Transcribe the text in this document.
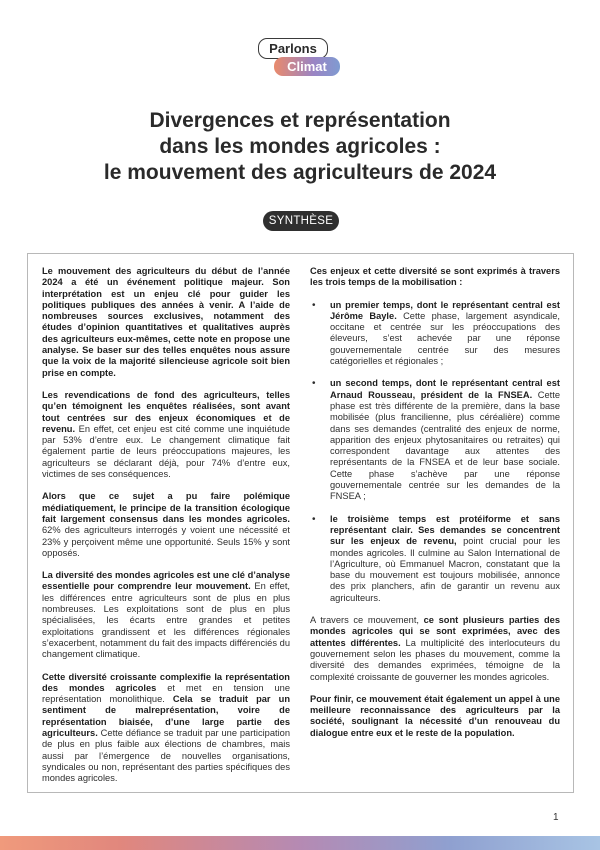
Parlons
Climat
Divergences et représentation
dans les mondes agricoles :
le mouvement des agriculteurs de 2024
SYNTHÈSE

Le mouvement des agriculteurs du début de l’année 2024 a été un événement politique majeur. Son interprétation est un enjeu clé pour guider les politiques publiques des années à venir. A l’aide de nombreuses sources exclusives, notamment des études d’opinion quantitatives et qualitatives auprès des agriculteurs eux-mêmes, cette note en propose une analyse. Se baser sur des telles enquêtes nous assure que la voix de la majorité silencieuse agricole soit bien prise en compte.

Les revendications de fond des agriculteurs, telles qu’en témoignent les enquêtes réalisées, sont avant tout centrées sur des enjeux économiques et de revenu. En effet, cet enjeu est cité comme une inquiétude par 53% d’entre eux. Le changement climatique fait également partie de leurs préoccupations majeures, les agriculteurs se déclarant déjà, pour 74% d’entre eux, victimes de ses conséquences.

Alors que ce sujet a pu faire polémique médiatiquement, le principe de la transition écologique fait largement consensus dans les mondes agricoles. 62% des agriculteurs interrogés y voient une nécessité et 23% y perçoivent même une opportunité. Seuls 15% y sont opposés.

La diversité des mondes agricoles est une clé d’analyse essentielle pour comprendre leur mouvement. En effet, les différences entre agriculteurs sont de plus en plus nombreuses. Les exploitations sont de plus en plus spécialisées, les écarts entre grandes et petites exploitations grandissent et les différences régionales s’exacerbent, notamment du fait des impacts différenciés du changement climatique.

Cette diversité croissante complexifie la représentation des mondes agricoles et met en tension une représentation monolithique. Cela se traduit par un sentiment de malreprésentation, voire de représentation biaisée, d’une large partie des agriculteurs. Cette défiance se traduit par une participation de plus en plus faible aux élections de chambres, mais aussi par l’émergence de nouvelles organisations, syndicales ou non, représentant des parties spécifiques des mondes agricoles.

Ces enjeux et cette diversité se sont exprimés à travers les trois temps de la mobilisation :

• un premier temps, dont le représentant central est Jérôme Bayle. Cette phase, largement asyndicale, occitane et centrée sur les préoccupations des éleveurs, s’est achevée par une réponse gouvernementale centrée sur des mesures catégorielles et régionales ;
• un second temps, dont le représentant central est Arnaud Rousseau, président de la FNSEA. Cette phase est très différente de la première, dans la base mobilisée (plus francilienne, plus céréalière) comme dans ses demandes (centralité des enjeux de norme, apparition des enjeux phytosanitaires ou retraites) qui correspondent davantage aux attentes des représentants de la FNSEA et de leur base sociale. Cette phase s’achève par une réponse gouvernementale centrée sur les demandes de la FNSEA ;
• le troisième temps est protéiforme et sans représentant clair. Ses demandes se concentrent sur les enjeux de revenu, point crucial pour les mondes agricoles. Il culmine au Salon International de l’Agriculture, où Emmanuel Macron, constatant que la base du mouvement est toujours mobilisée, annonce des prix planchers, afin de garantir un revenu aux agriculteurs.

A travers ce mouvement, ce sont plusieurs parties des mondes agricoles qui se sont exprimées, avec des attentes différentes. La multiplicité des interlocuteurs du gouvernement selon les phases du mouvement, comme la diversité des demandes exprimées, témoigne de la complexité croissante de gouverner les mondes agricoles.

Pour finir, ce mouvement était également un appel à une meilleure reconnaissance des agriculteurs par la société, soulignant la nécessité d’un renouveau du dialogue entre eux et le reste de la population.

1
